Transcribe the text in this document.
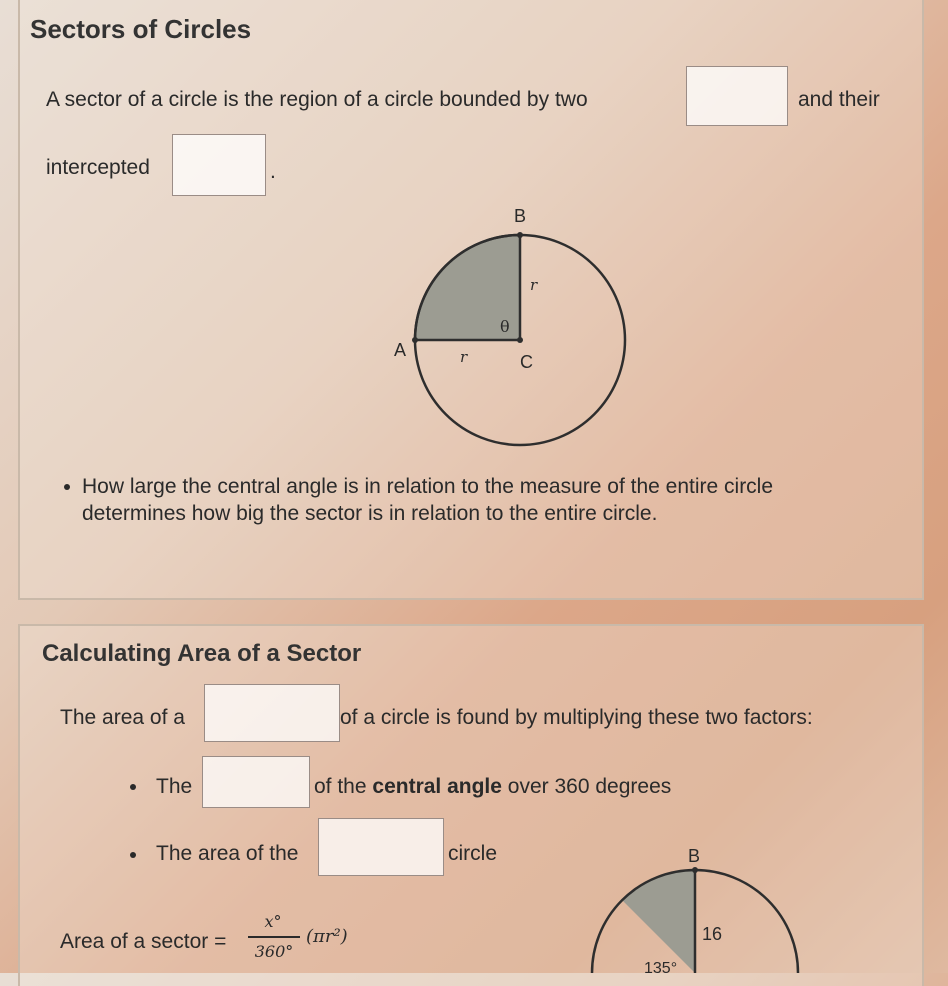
Sectors of Circles
A sector of a circle is the region of a circle bounded by two	and their
intercepted	.
B
A
C
r
r
θ
How large the central angle is in relation to the measure of the entire circle
determines how big the sector is in relation to the entire circle.
Calculating Area of a Sector
The area of a	of a circle is found by multiplying these two factors:
The	of the central angle over 360 degrees
The area of the	circle
Area of a sector =
x°
360°
(πr²)
B
16
135°
